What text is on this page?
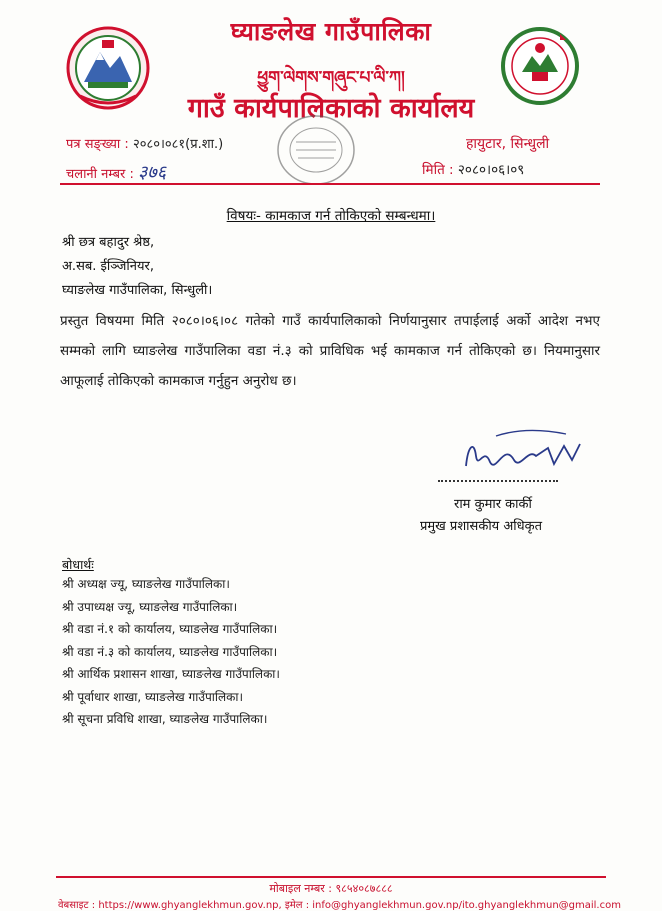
घ्याङलेख गाउँपालिका
ཕྱུག་ལེགས་གཞུང་པ་ལི་ཀ།
गाउँ कार्यपालिकाको कार्यालय
पत्र सङ्ख्या : २०८०।०८१(प्र.शा.)
चलानी नम्बर : ३७६
हायुटार, सिन्धुली
मिति : २०८०।०६।०९
विषयः- कामकाज गर्न तोकिएको सम्बन्धमा।
श्री छत्र बहादुर श्रेष्ठ,
अ.सब. ईञ्जिनियर,
घ्याङलेख गाउँपालिका, सिन्धुली।
प्रस्तुत विषयमा मिति २०८०।०६।०८ गतेको गाउँ कार्यपालिकाको निर्णयानुसार तपाईलाई अर्को आदेश नभए सम्मको लागि घ्याङलेख गाउँपालिका वडा नं.३ को प्राविधिक भई कामकाज गर्न तोकिएको छ। नियमानुसार आफूलाई तोकिएको कामकाज गर्नुहुन अनुरोध छ।
राम कुमार कार्की
प्रमुख प्रशासकीय अधिकृत
बोधार्थः
श्री अध्यक्ष ज्यू, घ्याङलेख गाउँपालिका।
श्री उपाध्यक्ष ज्यू, घ्याङलेख गाउँपालिका।
श्री वडा नं.१ को कार्यालय, घ्याङलेख गाउँपालिका।
श्री वडा नं.३ को कार्यालय, घ्याङलेख गाउँपालिका।
श्री आर्थिक प्रशासन शाखा, घ्याङलेख गाउँपालिका।
श्री पूर्वाधार शाखा, घ्याङलेख गाउँपालिका।
श्री सूचना प्रविधि शाखा, घ्याङलेख गाउँपालिका।
मोबाइल नम्बर : ९८५४०८७८८८
वेबसाइट : https://www.ghyanglekhmun.gov.np, इमेल : info@ghyanglekhmun.gov.np/ito.ghyanglekhmun@gmail.com
